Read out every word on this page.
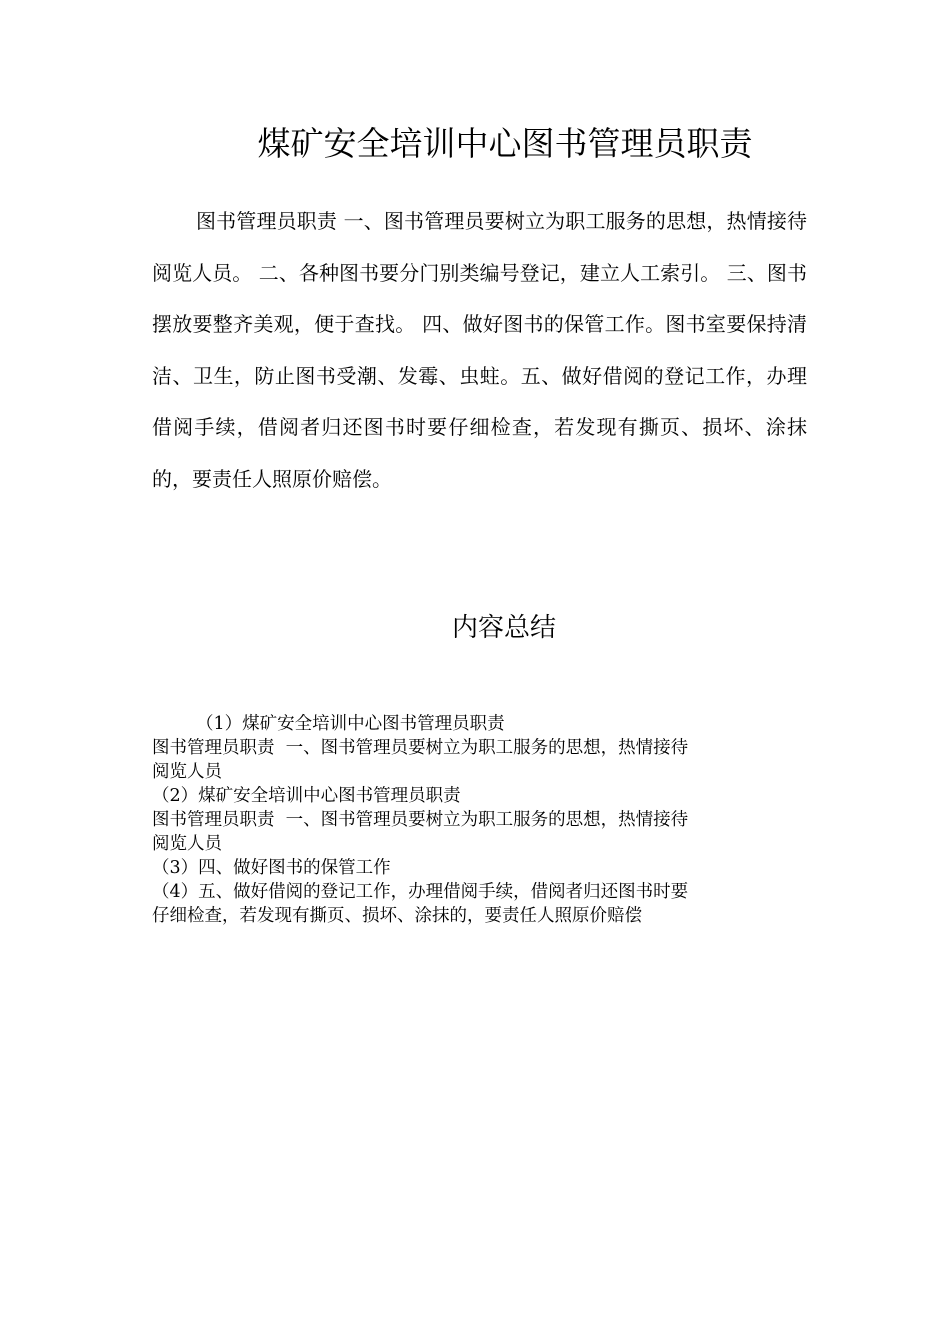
煤矿安全培训中心图书管理员职责

图书管理员职责 一、图书管理员要树立为职工服务的思想，热情接待阅览人员。 二、各种图书要分门别类编号登记，建立人工索引。 三、图书摆放要整齐美观，便于查找。 四、做好图书的保管工作。图书室要保持清洁、卫生，防止图书受潮、发霉、虫蛀。五、做好借阅的登记工作，办理借阅手续，借阅者归还图书时要仔细检查，若发现有撕页、损坏、涂抹的，要责任人照原价赔偿。

内容总结
（1）煤矿安全培训中心图书管理员职责
图书管理员职责  一、图书管理员要树立为职工服务的思想，热情接待
阅览人员
（2）煤矿安全培训中心图书管理员职责
图书管理员职责  一、图书管理员要树立为职工服务的思想，热情接待
阅览人员
（3）四、做好图书的保管工作
（4）五、做好借阅的登记工作，办理借阅手续，借阅者归还图书时要
仔细检查，若发现有撕页、损坏、涂抹的，要责任人照原价赔偿
